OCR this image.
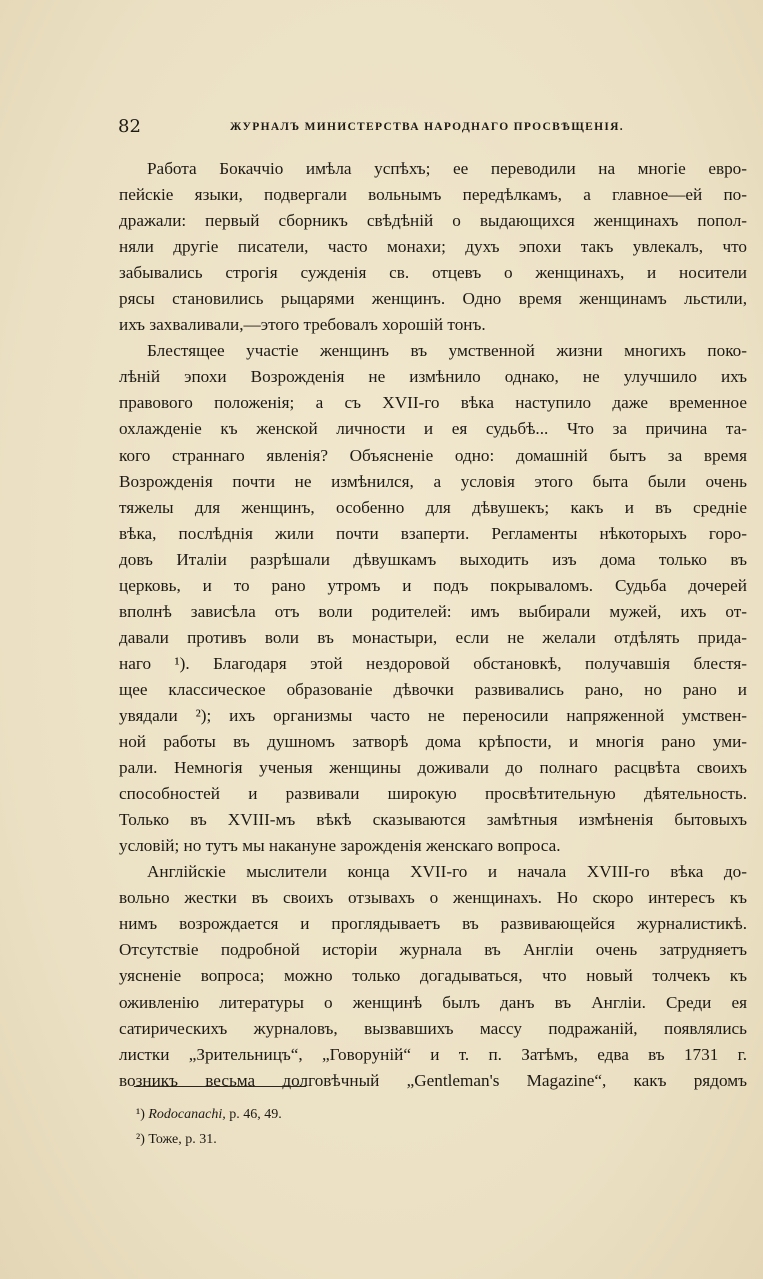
82	ЖУРНАЛЪ МИНИСТЕРСТВА НАРОДНАГО ПРОСВѢЩЕНІЯ.

Работа Бокаччіо имѣла успѣхъ; ее переводили на многіе евро-
пейскіе языки, подвергали вольнымъ передѣлкамъ, а главное—ей по-
дражали: первый сборникъ свѣдѣній о выдающихся женщинахъ попол-
няли другіе писатели, часто монахи; духъ эпохи такъ увлекалъ, что
забывались строгія сужденія св. отцевъ о женщинахъ, и носители
рясы становились рыцарями женщинъ. Одно время женщинамъ льстили,
ихъ захваливали,—этого требовалъ хорошій тонъ.

Блестящее участіе женщинъ въ умственной жизни многихъ поко-
лѣній эпохи Возрожденія не измѣнило однако, не улучшило ихъ
правового положенія; а съ XVII-го вѣка наступило даже временное
охлажденіе къ женской личности и ея судьбѣ... Что за причина та-
кого страннаго явленія? Объясненіе одно: домашній бытъ за время
Возрожденія почти не измѣнился, а условія этого быта были очень
тяжелы для женщинъ, особенно для дѣвушекъ; какъ и въ средніе
вѣка, послѣднія жили почти взаперти. Регламенты нѣкоторыхъ горо-
довъ Италіи разрѣшали дѣвушкамъ выходить изъ дома только въ
церковь, и то рано утромъ и подъ покрываломъ. Судьба дочерей
вполнѣ зависѣла отъ воли родителей: имъ выбирали мужей, ихъ от-
давали противъ воли въ монастыри, если не желали отдѣлять прида-
наго ¹). Благодаря этой нездоровой обстановкѣ, получавшія блестя-
щее классическое образованіе дѣвочки развивались рано, но рано и
увядали ²); ихъ организмы часто не переносили напряженной умствен-
ной работы въ душномъ затворѣ дома крѣпости, и многія рано уми-
рали. Немногія ученыя женщины доживали до полнаго расцвѣта своихъ
способностей и развивали широкую просвѣтительную дѣятельность.
Только въ XVIII-мъ вѣкѣ сказываются замѣтныя измѣненія бытовыхъ
условій; но тутъ мы накануне зарожденія женскаго вопроса.

Англійскіе мыслители конца XVII-го и начала XVIII-го вѣка до-
вольно жестки въ своихъ отзывахъ о женщинахъ. Но скоро интересъ къ
нимъ возрождается и проглядываетъ въ развивающейся журналистикѣ.
Отсутствіе подробной исторіи журнала въ Англіи очень затрудняетъ
уясненіе вопроса; можно только догадываться, что новый толчекъ къ
оживленію литературы о женщинѣ былъ данъ въ Англіи. Среди ея
сатирическихъ журналовъ, вызвавшихъ массу подражаній, появлялись
листки „Зрительницъ“, „Говоруній“ и т. п. Затѣмъ, едва въ 1731 г.
возникъ весьма долговѣчный „Gentleman's Magazine“, какъ рядомъ

¹) Rodocanachi, p. 46, 49.
²) Тоже, p. 31.
